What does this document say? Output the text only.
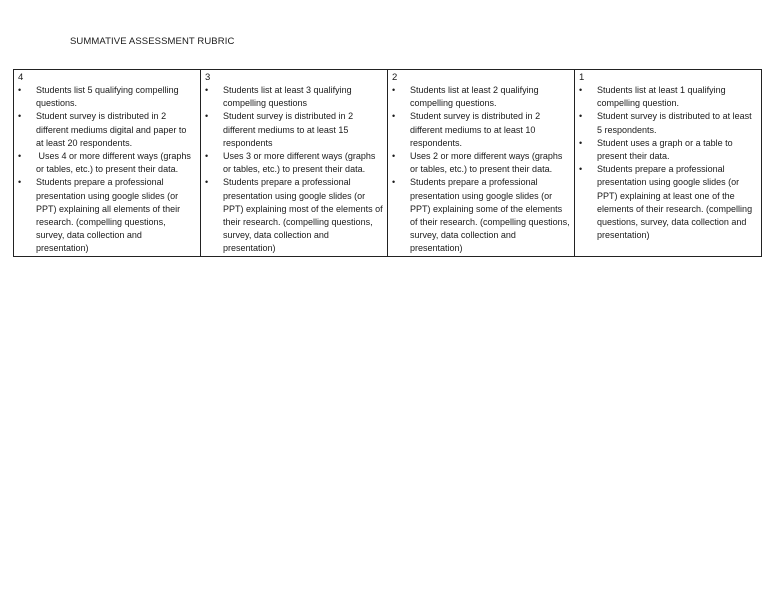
SUMMATIVE ASSESSMENT RUBRIC
4
•	Students list 5 qualifying compelling questions.
•	Student survey is distributed in 2 different mediums digital and paper to at least 20 respondents.
•	Uses 4 or more different ways (graphs or tables, etc.) to present their data.
•	Students prepare a professional presentation using google slides (or PPT) explaining all elements of their research. (compelling questions, survey, data collection and presentation)

3
•	Students list at least 3 qualifying compelling questions
•	Student survey is distributed in 2 different mediums to at least 15 respondents
•	Uses 3 or more different ways (graphs or tables, etc.) to present their data.
•	Students prepare a professional presentation using google slides (or PPT) explaining most of the elements of their research. (compelling questions, survey, data collection and presentation)

2
•	Students list at least 2 qualifying compelling questions.
•	Student survey is distributed in 2 different mediums to at least 10 respondents.
•	Uses 2 or more different ways (graphs or tables, etc.) to present their data.
•	Students prepare a professional presentation using google slides (or PPT) explaining some of the elements of their research. (compelling questions, survey, data collection and presentation)

1
•	Students list at least 1 qualifying compelling question.
•	Student survey is distributed to at least 5 respondents.
•	Student uses a graph or a table to present their data.
•	Students prepare a professional presentation using google slides (or PPT) explaining at least one of the elements of their research. (compelling questions, survey, data collection and presentation)
